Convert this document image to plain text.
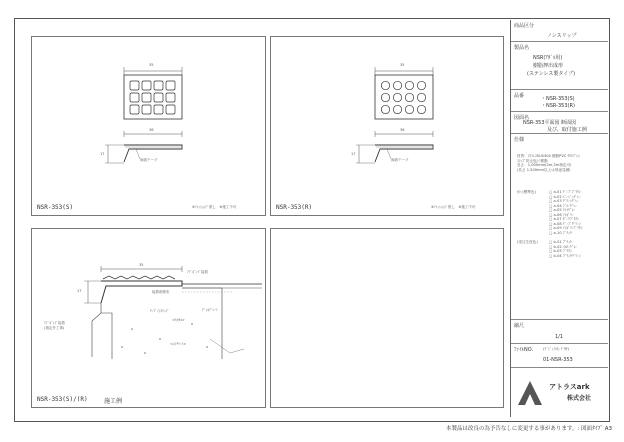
35
36
17
両面テープ
※ﾌｧｯｼｮﾝｼﾞ塗し　※施工不可
NSR-353(S)
35
36
17
両面テープ
※ﾌｧｯｼｮﾝｼﾞ塗し　※施工不可
NSR-353(R)
35
17
ｱﾄﾞﾎﾞﾝﾄﾞ接着
接着剤塗布
ﾃｰﾌﾟﾉﾝｽﾘｯﾌﾟ	ﾃﾞｯｷﾌﾟﾚｰﾄ
<ﾓﾙﾀﾙ>
<ｺﾝｸﾘｰﾄ>
ｱﾄﾞﾎﾞﾝﾄﾞ接着
(指定外工事)
NSR-353(S)/(R)	施工例
商品区分
ノンスリップ
製品名
NSR(ｱﾀﾞﾙ用)
樹脂押出成形
(ステンレス製タイプ)
品番	・NSR-353(S)
・NSR-353(R)
図面名
NSR-353平面図 断面図
及び、取付施工例
仕様
材質：ｽﾃﾝﾚｽSUS304 樹脂PVC ｸﾛﾛﾌﾟﾚﾝ
ｽﾘｯﾌﾟ防止塩ビ樹脂
長さ：1,000mm(2m,3m指定可)
(長さ 1,500mm以上は別途見積)
ｶﾗｰ(標準色)	□ a-01 ﾃﾞｰﾌﾟﾌﾞﾗｳﾝ
□ a-02 ﾍﾞｰｼﾞｭｸﾞﾚｰ
□ a-03 ｸﾞﾘｰﾝｸﾞﾚｰ
□ a-04 ﾌﾞﾙｰｸﾞﾚｰ
□ a-05 ﾗｲﾄｸﾞﾚｰ
□ a-06 ｱｲﾎﾞﾘｰ
□ a-07 ﾀﾞｰｸﾌﾞﾗｳﾝ
□ a-08 ﾃﾞｰﾌﾟｸﾞﾘｰﾝ
□ a-09 ｱｲﾎﾞﾘｰﾌﾞﾗｳﾝ
□ a-10 ﾌﾞﾗｯｸ
(受注生産色)	□ b-01 ﾌﾞﾗｯｸ
□ b-02 ｲｴﾛｰｸﾞﾚｰ
□ b-03 ﾌﾞﾗｳﾝ
□ b-04 ﾌﾞﾗｯｸｸﾞﾘｰﾝ
縮尺
1/1
ﾌｧｲﾙNO.	(ﾃﾞｼﾞｭｱﾙﾓｰﾄﾞ時)
01-NSR-353
アトラスark
株式会社
本製品は改良の為予告なしに変更する事があります。: 図面ﾀｲﾌﾟ A3
